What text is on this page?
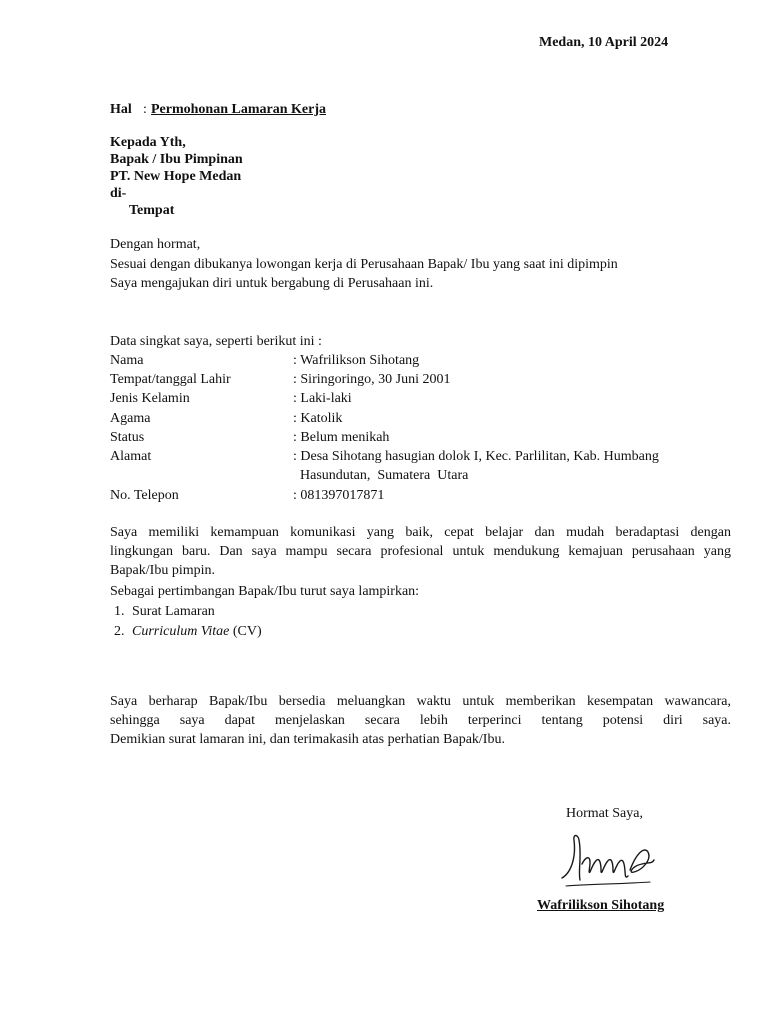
Medan, 10 April 2024
Hal : Permohonan Lamaran Kerja
Kepada Yth,
Bapak / Ibu Pimpinan
PT. New Hope Medan
di-
Tempat
Dengan hormat,
Sesuai dengan dibukanya lowongan kerja di Perusahaan Bapak/ Ibu yang saat ini dipimpin
Saya mengajukan diri untuk bergabung di Perusahaan ini.
Data singkat saya, seperti berikut ini :
Nama	: Wafrilikson Sihotang
Tempat/tanggal Lahir	: Siringoringo, 30 Juni 2001
Jenis Kelamin	: Laki-laki
Agama	: Katolik
Status	: Belum menikah
Alamat	: Desa Sihotang hasugian dolok I, Kec. Parlilitan, Kab. Humbang
Hasundutan,  Sumatera  Utara
No. Telepon	: 081397017871
Saya memiliki kemampuan komunikasi yang baik, cepat belajar dan mudah beradaptasi dengan
lingkungan baru. Dan saya mampu secara profesional untuk mendukung kemajuan perusahaan yang
Bapak/Ibu pimpin.
Sebagai pertimbangan Bapak/Ibu turut saya lampirkan:
1. Surat Lamaran
2. Curriculum Vitae (CV)
Saya berharap Bapak/Ibu bersedia meluangkan waktu untuk memberikan kesempatan wawancara,
sehingga saya dapat menjelaskan secara lebih terperinci tentang potensi diri saya.
Demikian surat lamaran ini, dan terimakasih atas perhatian Bapak/Ibu.
Hormat Saya,
Wafrilikson Sihotang
